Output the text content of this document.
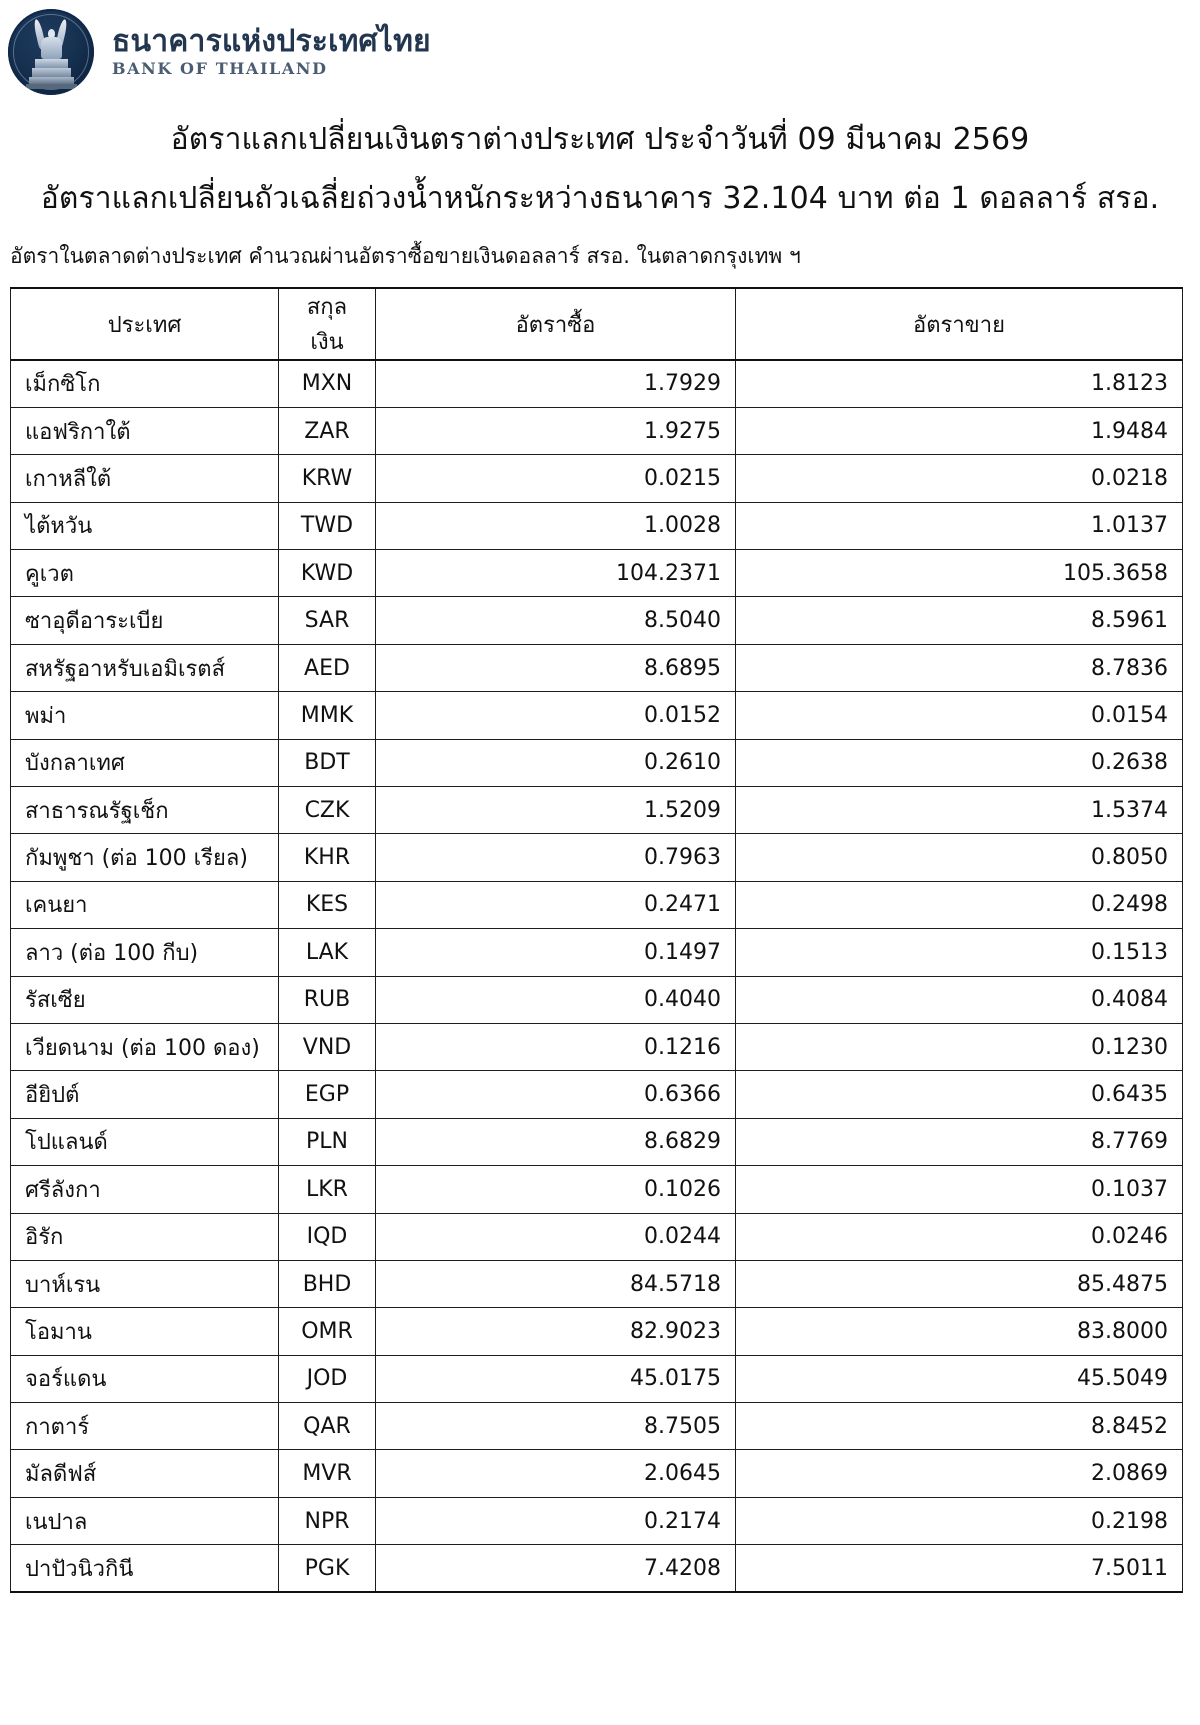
ธนาคารแห่งประเทศไทย
BANK OF THAILAND
อัตราแลกเปลี่ยนเงินตราต่างประเทศ ประจำวันที่ 09 มีนาคม 2569
อัตราแลกเปลี่ยนถัวเฉลี่ยถ่วงน้ำหนักระหว่างธนาคาร 32.104 บาท ต่อ 1 ดอลลาร์ สรอ.
อัตราในตลาดต่างประเทศ คำนวณผ่านอัตราซื้อขายเงินดอลลาร์ สรอ. ในตลาดกรุงเทพ ฯ
ประเทศ	สกุลเงิน	อัตราซื้อ	อัตราขาย
เม็กซิโก	MXN	1.7929	1.8123
แอฟริกาใต้	ZAR	1.9275	1.9484
เกาหลีใต้	KRW	0.0215	0.0218
ไต้หวัน	TWD	1.0028	1.0137
คูเวต	KWD	104.2371	105.3658
ซาอุดีอาระเบีย	SAR	8.5040	8.5961
สหรัฐอาหรับเอมิเรตส์	AED	8.6895	8.7836
พม่า	MMK	0.0152	0.0154
บังกลาเทศ	BDT	0.2610	0.2638
สาธารณรัฐเช็ก	CZK	1.5209	1.5374
กัมพูชา (ต่อ 100 เรียล)	KHR	0.7963	0.8050
เคนยา	KES	0.2471	0.2498
ลาว (ต่อ 100 กีบ)	LAK	0.1497	0.1513
รัสเซีย	RUB	0.4040	0.4084
เวียดนาม (ต่อ 100 ดอง)	VND	0.1216	0.1230
อียิปต์	EGP	0.6366	0.6435
โปแลนด์	PLN	8.6829	8.7769
ศรีลังกา	LKR	0.1026	0.1037
อิรัก	IQD	0.0244	0.0246
บาห์เรน	BHD	84.5718	85.4875
โอมาน	OMR	82.9023	83.8000
จอร์แดน	JOD	45.0175	45.5049
กาตาร์	QAR	8.7505	8.8452
มัลดีฟส์	MVR	2.0645	2.0869
เนปาล	NPR	0.2174	0.2198
ปาปัวนิวกินี	PGK	7.4208	7.5011
